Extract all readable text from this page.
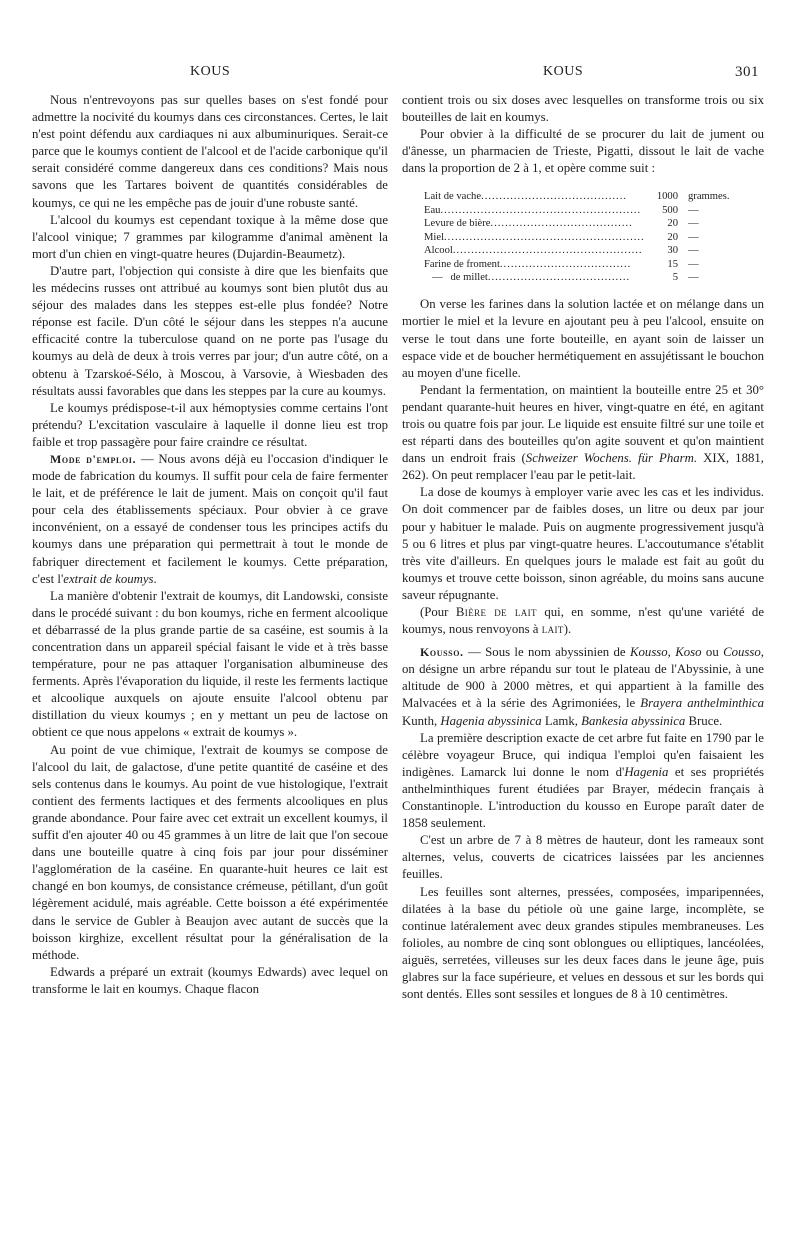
KOUS	KOUS	301

Nous n'entrevoyons pas sur quelles bases on s'est fondé pour admettre la nocivité du koumys dans ces circonstances. Certes, le lait n'est point défendu aux cardiaques ni aux albuminuriques. Serait-ce parce que le koumys contient de l'alcool et de l'acide carbonique qu'il serait considéré comme dangereux dans ces conditions? Mais nous savons que les Tartares boivent de quantités considérables de koumys, ce qui ne les empêche pas de jouir d'une robuste santé.

L'alcool du koumys est cependant toxique à la même dose que l'alcool vinique; 7 grammes par kilogramme d'animal amènent la mort d'un chien en vingt-quatre heures (Dujardin-Beaumetz).

D'autre part, l'objection qui consiste à dire que les bienfaits que les médecins russes ont attribué au koumys sont bien plutôt dus au séjour des malades dans les steppes est-elle plus fondée? Notre réponse est facile. D'un côté le séjour dans les steppes n'a aucune efficacité contre la tuberculose quand on ne porte pas l'usage du koumys au delà de deux à trois verres par jour; d'un autre côté, on a obtenu à Tzarskoé-Sélo, à Moscou, à Varsovie, à Wiesbaden des résultats aussi favorables que dans les steppes par la cure au koumys.

Le koumys prédispose-t-il aux hémoptysies comme certains l'ont prétendu? L'excitation vasculaire à laquelle il donne lieu est trop faible et trop passagère pour faire craindre ce résultat.

Mode d'emploi. — Nous avons déjà eu l'occasion d'indiquer le mode de fabrication du koumys. Il suffit pour cela de faire fermenter le lait, et de préférence le lait de jument. Mais on conçoit qu'il faut pour cela des établissements spéciaux. Pour obvier à ce grave inconvénient, on a essayé de condenser tous les principes actifs du koumys dans une préparation qui permettrait à tout le monde de fabriquer directement et facilement le koumys. Cette préparation, c'est l'extrait de koumys.

La manière d'obtenir l'extrait de koumys, dit Landowski, consiste dans le procédé suivant : du bon koumys, riche en ferment alcoolique et débarrassé de la plus grande partie de sa caséine, est soumis à la concentration dans un appareil spécial faisant le vide et à très basse température, pour ne pas attaquer l'organisation albumineuse des ferments. Après l'évaporation du liquide, il reste les ferments lactique et alcoolique auxquels on ajoute ensuite l'alcool obtenu par distillation du vieux koumys ; en y mettant un peu de lactose on obtient ce que nous appelons « extrait de koumys ».

Au point de vue chimique, l'extrait de koumys se compose de l'alcool du lait, de galactose, d'une petite quantité de caséine et des sels contenus dans le koumys. Au point de vue histologique, l'extrait contient des ferments lactiques et des ferments alcooliques en plus grande abondance. Pour faire avec cet extrait un excellent koumys, il suffit d'en ajouter 40 ou 45 grammes à un litre de lait que l'on secoue dans une bouteille quatre à cinq fois par jour pour disséminer l'agglomération de la caséine. En quarante-huit heures ce lait est changé en bon koumys, de consistance crémeuse, pétillant, d'un goût légèrement acidulé, mais agréable. Cette boisson a été expérimentée dans le service de Gubler à Beaujon avec autant de succès que la boisson kirghize, excellent résultat pour la généralisation de la méthode.

Edwards a préparé un extrait (koumys Edwards) avec lequel on transforme le lait en koumys. Chaque flacon

contient trois ou six doses avec lesquelles on transforme trois ou six bouteilles de lait en koumys.

Pour obvier à la difficulté de se procurer du lait de jument ou d'ânesse, un pharmacien de Trieste, Pigatti, dissout le lait de vache dans la proportion de 2 à 1, et opère comme suit :

Lait de vache........................................	1000	grammes.
Eau.......................................................	500	—
Levure de bière.......................................	20	—
Miel.......................................................	20	—
Alcool....................................................	30	—
Farine de froment....................................	15	—
—   de millet.......................................	5	—

On verse les farines dans la solution lactée et on mélange dans un mortier le miel et la levure en ajoutant peu à peu l'alcool, ensuite on verse le tout dans une forte bouteille, en ayant soin de laisser un espace vide et de boucher hermétiquement en assujétissant le bouchon au moyen d'une ficelle.

Pendant la fermentation, on maintient la bouteille entre 25 et 30° pendant quarante-huit heures en hiver, vingt-quatre en été, en agitant trois ou quatre fois par jour. Le liquide est ensuite filtré sur une toile et est réparti dans des bouteilles qu'on agite souvent et qu'on maintient dans un endroit frais (Schweizer Wochens. für Pharm. XIX, 1881, 262). On peut remplacer l'eau par le petit-lait.

La dose de koumys à employer varie avec les cas et les individus. On doit commencer par de faibles doses, un litre ou deux par jour pour y habituer le malade. Puis on augmente progressivement jusqu'à 5 ou 6 litres et plus par vingt-quatre heures. L'accoutumance s'établit très vite d'ailleurs. En quelques jours le malade est fait au goût du koumys et trouve cette boisson, sinon agréable, du moins sans aucune saveur répugnante.

(Pour Bière de lait qui, en somme, n'est qu'une variété de koumys, nous renvoyons à lait).

Kousso. — Sous le nom abyssinien de Kousso, Koso ou Cousso, on désigne un arbre répandu sur tout le plateau de l'Abyssinie, à une altitude de 900 à 2000 mètres, et qui appartient à la famille des Malvacées et à la série des Agrimoniées, le Brayera anthelminthica Kunth, Hagenia abyssinica Lamk, Bankesia abyssinica Bruce.

La première description exacte de cet arbre fut faite en 1790 par le célèbre voyageur Bruce, qui indiqua l'emploi qu'en faisaient les indigènes. Lamarck lui donne le nom d'Hagenia et ses propriétés anthelminthiques furent étudiées par Brayer, médecin français à Constantinople. L'introduction du kousso en Europe paraît dater de 1858 seulement.

C'est un arbre de 7 à 8 mètres de hauteur, dont les rameaux sont alternes, velus, couverts de cicatrices laissées par les anciennes feuilles.

Les feuilles sont alternes, pressées, composées, imparipennées, dilatées à la base du pétiole où une gaine large, incomplète, se continue latéralement avec deux grandes stipules membraneuses. Les folioles, au nombre de cinq sont oblongues ou elliptiques, lancéolées, aiguës, serretées, villeuses sur les deux faces dans le jeune âge, puis glabres sur la face supérieure, et velues en dessous et sur les bords qui sont dentés. Elles sont sessiles et longues de 8 à 10 centimètres.
